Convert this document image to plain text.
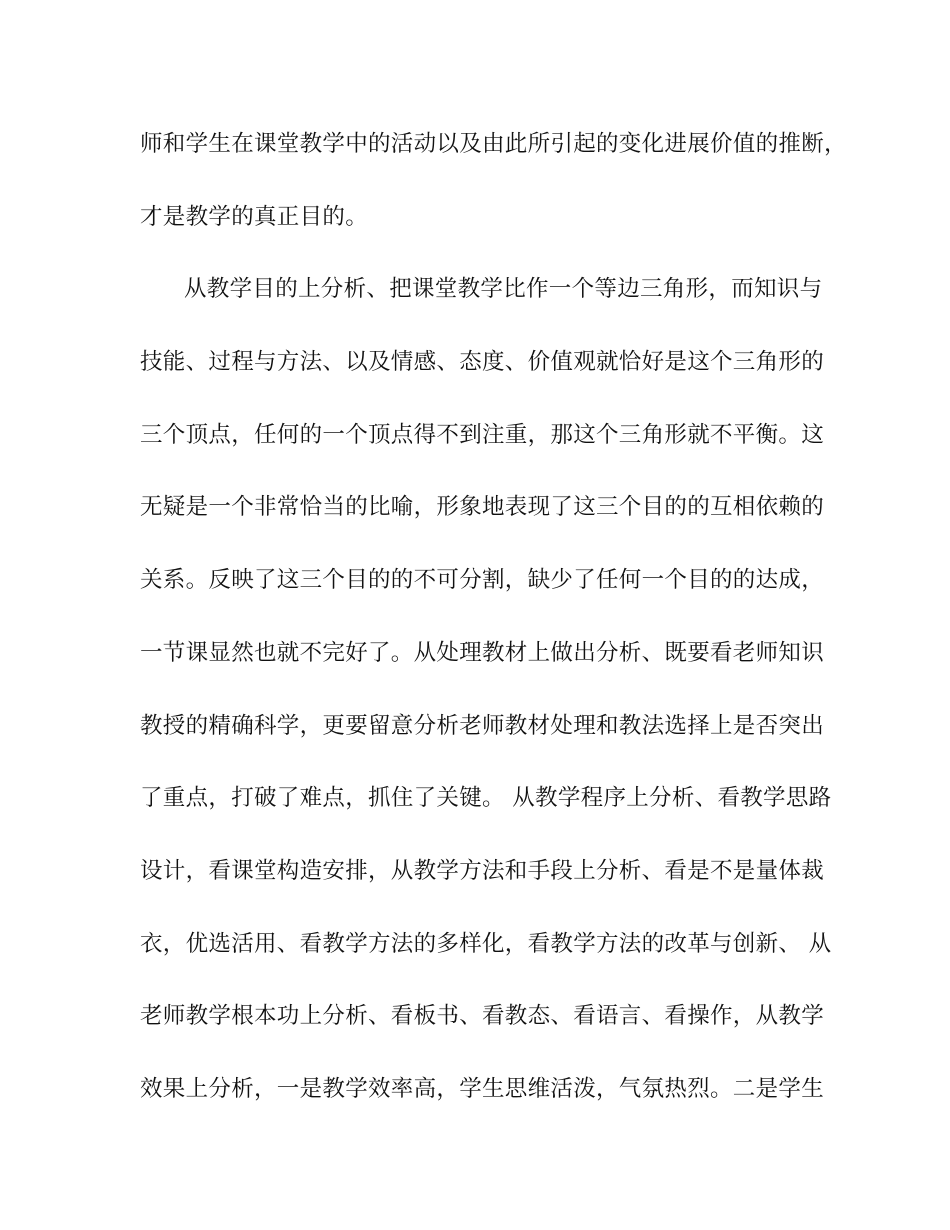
师和学生在课堂教学中的活动以及由此所引起的变化进展价值的推断，
才是教学的真正目的。
从教学目的上分析、把课堂教学比作一个等边三角形，而知识与
技能、过程与方法、以及情感、态度、价值观就恰好是这个三角形的
三个顶点，任何的一个顶点得不到注重，那这个三角形就不平衡。这
无疑是一个非常恰当的比喻，形象地表现了这三个目的的互相依赖的
关系。反映了这三个目的的不可分割，缺少了任何一个目的的达成，
一节课显然也就不完好了。从处理教材上做出分析、既要看老师知识
教授的精确科学，更要留意分析老师教材处理和教法选择上是否突出
了重点，打破了难点，抓住了关键。 从教学程序上分析、看教学思路
设计，看课堂构造安排，从教学方法和手段上分析、看是不是量体裁
衣，优选活用、看教学方法的多样化，看教学方法的改革与创新、 从
老师教学根本功上分析、看板书、看教态、看语言、看操作，从教学
效果上分析，一是教学效率高，学生思维活泼，气氛热烈。二是学生
